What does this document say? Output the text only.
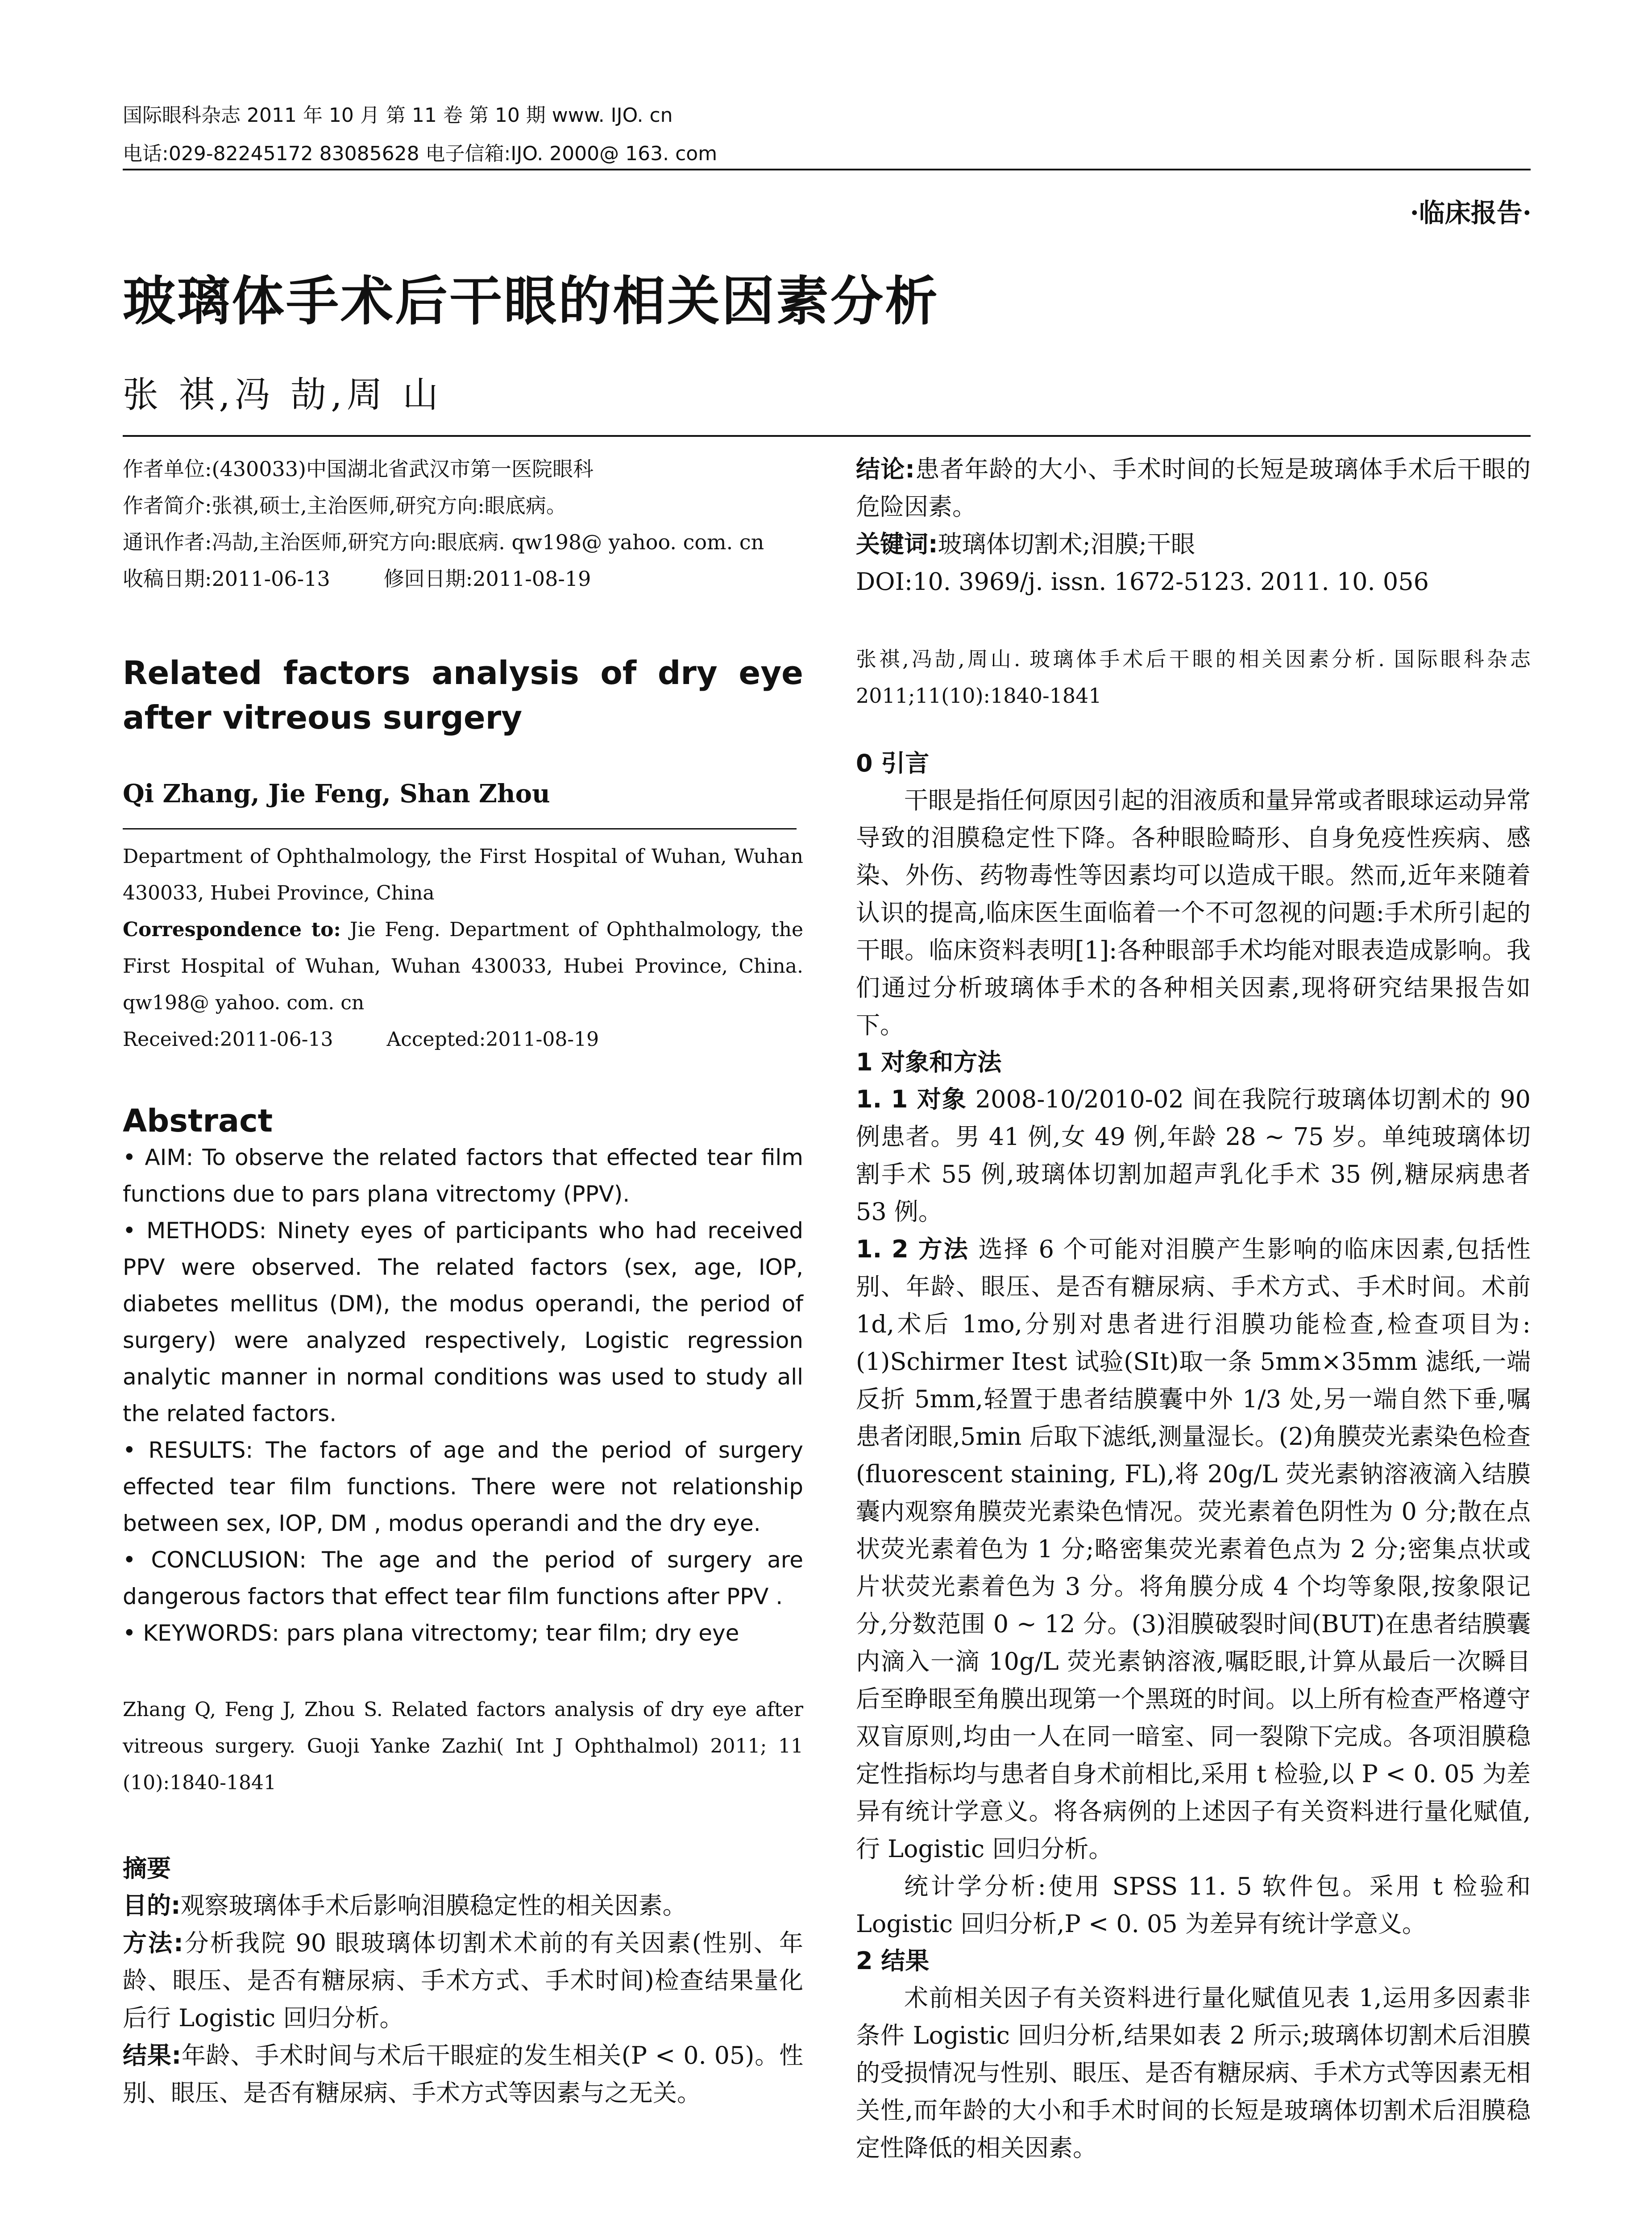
国际眼科杂志 2011 年 10 月 第 11 卷 第 10 期 www. IJO. cn
电话:029-82245172 83085628 电子信箱:IJO. 2000@ 163. com
·临床报告·
玻璃体手术后干眼的相关因素分析
张 祺,冯 劼,周 山

作者单位:(430033)中国湖北省武汉市第一医院眼科

作者简介:张祺,硕士,主治医师,研究方向:眼底病。

通讯作者:冯劼,主治医师,研究方向:眼底病. qw198@ yahoo. com. cn

收稿日期:2011-06-13	修回日期:2011-08-19
Related factors analysis of dry eye after vitreous surgery
Qi Zhang, Jie Feng, Shan Zhou

Department of Ophthalmology, the First Hospital of Wuhan, Wuhan 430033, Hubei Province, China

Correspondence to: Jie Feng. Department of Ophthalmology, the First Hospital of Wuhan, Wuhan 430033, Hubei Province, China. qw198@ yahoo. com. cn

Received:2011-06-13	Accepted:2011-08-19
Abstract

• AIM: To observe the related factors that effected tear film functions due to pars plana vitrectomy (PPV).

• METHODS: Ninety eyes of participants who had received PPV were observed. The related factors (sex, age, IOP, diabetes mellitus (DM), the modus operandi, the period of surgery) were analyzed respectively, Logistic regression analytic manner in normal conditions was used to study all the related factors.

• RESULTS: The factors of age and the period of surgery effected tear film functions. There were not relationship between sex, IOP, DM , modus operandi and the dry eye.

• CONCLUSION: The age and the period of surgery are dangerous factors that effect tear film functions after PPV .

• KEYWORDS: pars plana vitrectomy; tear film; dry eye

Zhang Q, Feng J, Zhou S. Related factors analysis of dry eye after vitreous surgery. Guoji Yanke Zazhi( Int J Ophthalmol) 2011; 11 (10):1840-1841
摘要

目的:观察玻璃体手术后影响泪膜稳定性的相关因素。

方法:分析我院 90 眼玻璃体切割术术前的有关因素(性别、年龄、眼压、是否有糖尿病、手术方式、手术时间)检查结果量化后行 Logistic 回归分析。

结果:年龄、手术时间与术后干眼症的发生相关(P < 0. 05)。性别、眼压、是否有糖尿病、手术方式等因素与之无关。

结论:患者年龄的大小、手术时间的长短是玻璃体手术后干眼的危险因素。

关键词:玻璃体切割术;泪膜;干眼

DOI:10. 3969/j. issn. 1672-5123. 2011. 10. 056

张祺,冯劼,周山. 玻璃体手术后干眼的相关因素分析. 国际眼科杂志 2011;11(10):1840-1841
0 引言

干眼是指任何原因引起的泪液质和量异常或者眼球运动异常导致的泪膜稳定性下降。各种眼睑畸形、自身免疫性疾病、感染、外伤、药物毒性等因素均可以造成干眼。然而,近年来随着认识的提高,临床医生面临着一个不可忽视的问题:手术所引起的干眼。临床资料表明[1]:各种眼部手术均能对眼表造成影响。我们通过分析玻璃体手术的各种相关因素,现将研究结果报告如下。

1 对象和方法

1. 1 对象 2008-10/2010-02 间在我院行玻璃体切割术的 90 例患者。男 41 例,女 49 例,年龄 28 ~ 75 岁。单纯玻璃体切割手术 55 例,玻璃体切割加超声乳化手术 35 例,糖尿病患者 53 例。

1. 2 方法 选择 6 个可能对泪膜产生影响的临床因素,包括性别、年龄、眼压、是否有糖尿病、手术方式、手术时间。术前 1d,术后 1mo,分别对患者进行泪膜功能检查,检查项目为:(1)Schirmer Ⅰtest 试验(SⅠt)取一条 5mm×35mm 滤纸,一端反折 5mm,轻置于患者结膜囊中外 1/3 处,另一端自然下垂,嘱患者闭眼,5min 后取下滤纸,测量湿长。(2)角膜荧光素染色检查(fluorescent staining, FL),将 20g/L 荧光素钠溶液滴入结膜囊内观察角膜荧光素染色情况。荧光素着色阴性为 0 分;散在点状荧光素着色为 1 分;略密集荧光素着色点为 2 分;密集点状或片状荧光素着色为 3 分。将角膜分成 4 个均等象限,按象限记分,分数范围 0 ~ 12 分。(3)泪膜破裂时间(BUT)在患者结膜囊内滴入一滴 10g/L 荧光素钠溶液,嘱眨眼,计算从最后一次瞬目后至睁眼至角膜出现第一个黑斑的时间。以上所有检查严格遵守双盲原则,均由一人在同一暗室、同一裂隙下完成。各项泪膜稳定性指标均与患者自身术前相比,采用 t 检验,以 P < 0. 05 为差异有统计学意义。将各病例的上述因子有关资料进行量化赋值,行 Logistic 回归分析。

统计学分析:使用 SPSS 11. 5 软件包。采用 t 检验和 Logistic 回归分析,P < 0. 05 为差异有统计学意义。

2 结果

术前相关因子有关资料进行量化赋值见表 1,运用多因素非条件 Logistic 回归分析,结果如表 2 所示;玻璃体切割术后泪膜的受损情况与性别、眼压、是否有糖尿病、手术方式等因素无相关性,而年龄的大小和手术时间的长短是玻璃体切割术后泪膜稳定性降低的相关因素。
